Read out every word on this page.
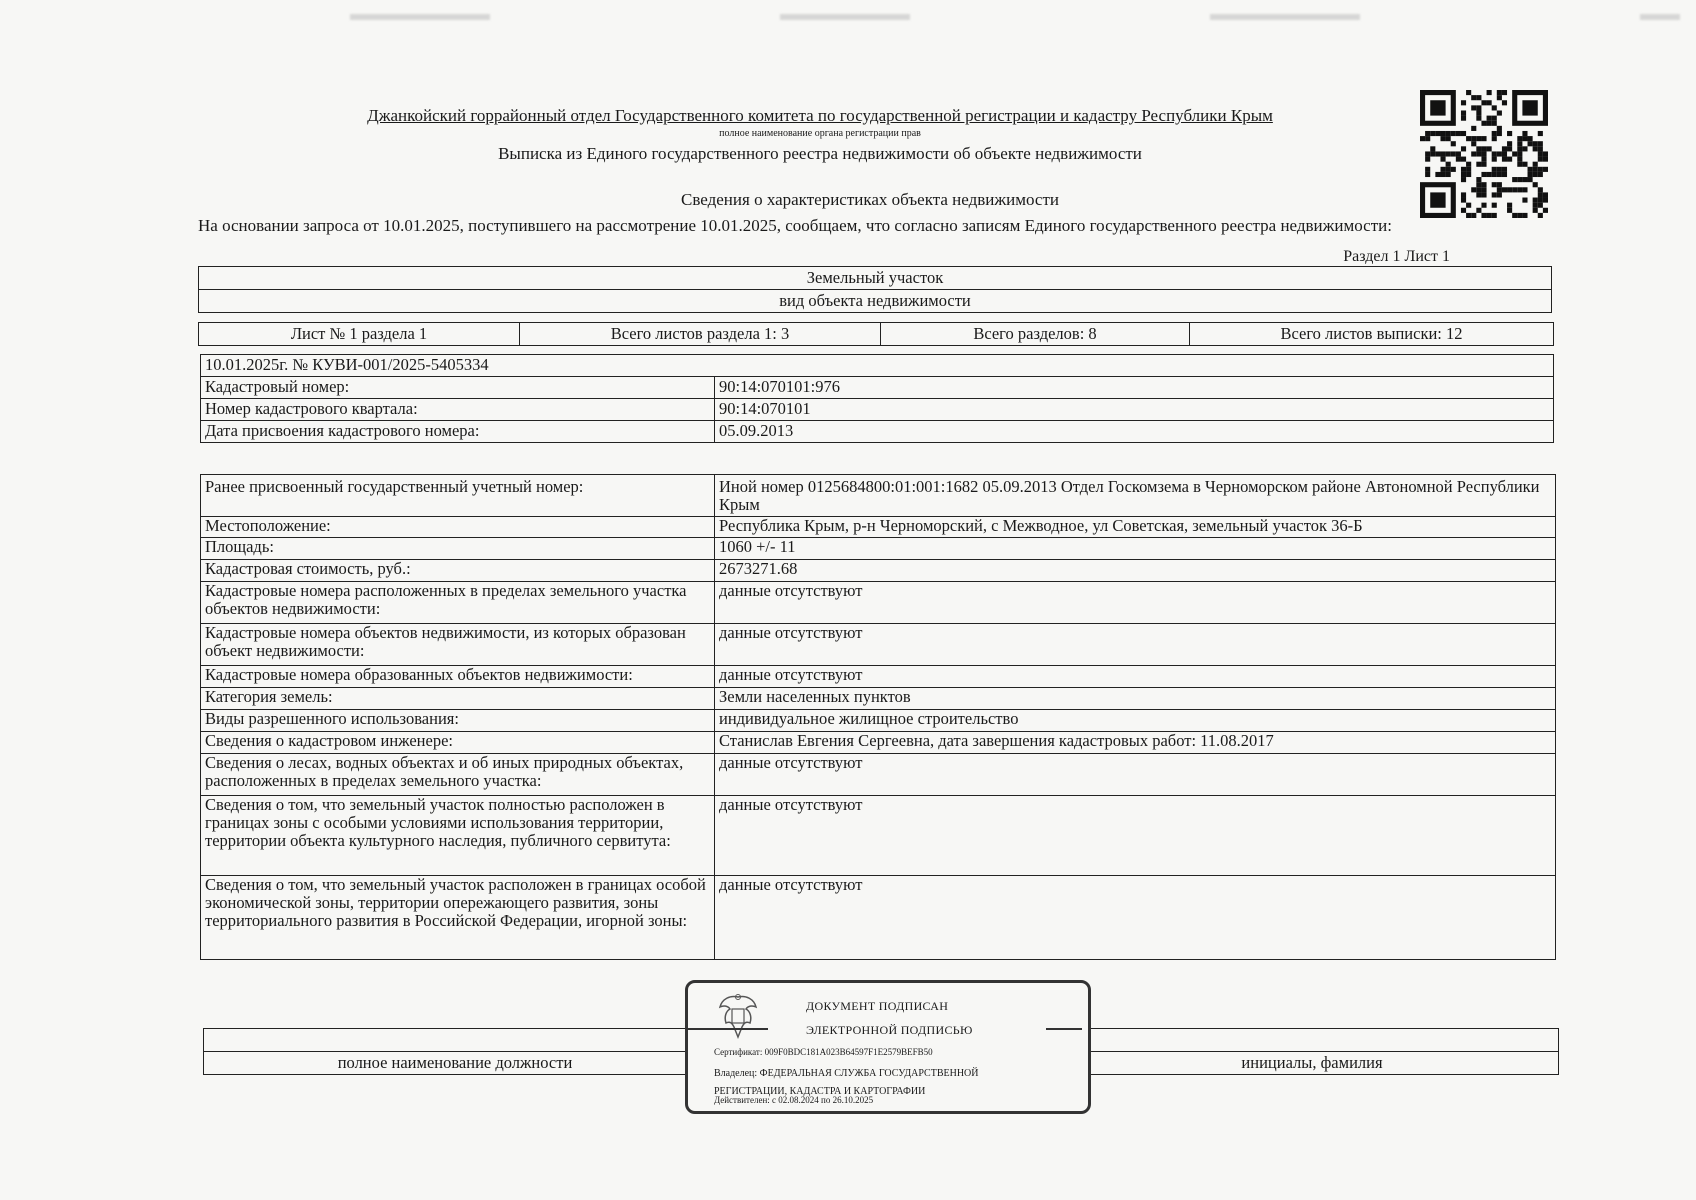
Джанкойский горрайонный отдел Государственного комитета по государственной регистрации и кадастру Республики Крым
полное наименование органа регистрации прав
Выписка из Единого государственного реестра недвижимости об объекте недвижимости
Сведения о характеристиках объекта недвижимости
На основании запроса от 10.01.2025, поступившего на рассмотрение 10.01.2025, сообщаем, что согласно записям Единого государственного реестра недвижимости:
Раздел 1 Лист 1
Земельный участок
вид объекта недвижимости
Лист № 1 раздела 1	Всего листов раздела 1: 3	Всего разделов: 8	Всего листов выписки: 12
10.01.2025г. № КУВИ-001/2025-5405334	
Кадастровый номер:	90:14:070101:976
Номер кадастрового квартала:	90:14:070101
Дата присвоения кадастрового номера:	05.09.2013
Ранее присвоенный государственный учетный номер:	Иной номер 0125684800:01:001:1682 05.09.2013 Отдел Госкомзема в Черноморском районе Автономной Республики Крым
Местоположение:	Республика Крым, р-н Черноморский, с Межводное, ул Советская, земельный участок 36-Б
Площадь:	1060 +/- 11
Кадастровая стоимость, руб.:	2673271.68
Кадастровые номера расположенных в пределах земельного участка объектов недвижимости:	данные отсутствуют
Кадастровые номера объектов недвижимости, из которых образован объект недвижимости:	данные отсутствуют
Кадастровые номера образованных объектов недвижимости:	данные отсутствуют
Категория земель:	Земли населенных пунктов
Виды разрешенного использования:	индивидуальное жилищное строительство
Сведения о кадастровом инженере:	Станислав Евгения Сергеевна, дата завершения кадастровых работ: 11.08.2017
Сведения о лесах, водных объектах и об иных природных объектах, расположенных в пределах земельного участка:	данные отсутствуют
Сведения о том, что земельный участок полностью расположен в границах зоны с особыми условиями использования территории, территории объекта культурного наследия, публичного сервитута:	данные отсутствуют
Сведения о том, что земельный участок расположен в границах особой экономической зоны, территории опережающего развития, зоны территориального развития в Российской Федерации, игорной зоны:	данные отсутствуют

полное наименование должности		инициалы, фамилия
ДОКУМЕНТ ПОДПИСАН
ЭЛЕКТРОННОЙ ПОДПИСЬЮ
Сертификат: 009F0BDC181A023B64597F1E2579BEFB50
Владелец: ФЕДЕРАЛЬНАЯ СЛУЖБА ГОСУДАРСТВЕННОЙ РЕГИСТРАЦИИ, КАДАСТРА И КАРТОГРАФИИ
Действителен: с 02.08.2024 по 26.10.2025
